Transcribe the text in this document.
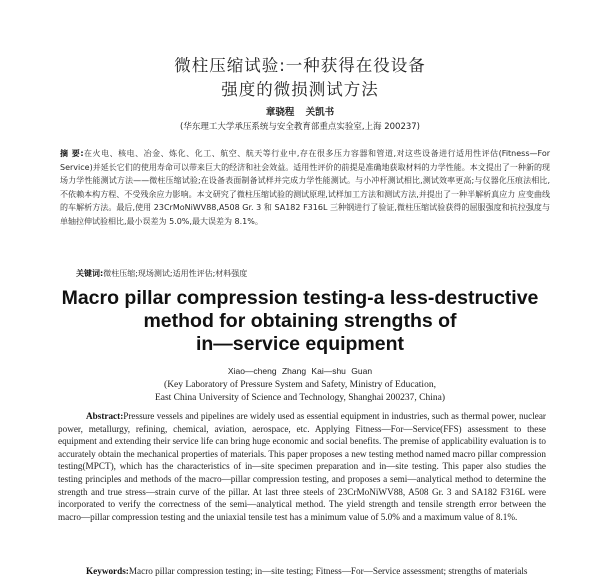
微柱压缩试验:一种获得在役设备
强度的微损测试方法
章骁程 关凯书
(华东理工大学承压系统与安全教育部重点实验室,上海 200237)

摘 要:在火电、核电、冶金、炼化、化工、航空、航天等行业中,存在很多压力容器和管道,对这些设备进行适用性评估(Fitness—For Service)并延长它们的使用寿命可以带来巨大的经济和社会效益。适用性评价的前提是准确地获取材料的力学性能。本文提出了一种新的现场力学性能测试方法——微柱压缩试验;在设备表面制备试样并完成力学性能测试。与小冲杆测试相比,测试效率更高;与仪器化压痕法相比,不依赖本构方程、不受残余应力影响。本文研究了微柱压缩试验的测试原理,试样加工方法和测试方法,并提出了一种半解析真应力 应变曲线的车解析方法。最后,使用 23CrMoNiWV88,A508 Gr. 3 和 SA182 F316L 三种钢进行了验证,微柱压缩试验获得的屈服强度和抗拉强度与单轴拉伸试验相比,最小误差为 5.0%,最大误差为 8.1%。

关键词:微柱压缩;现场测试;适用性评估;材料强度

Macro pillar compression testing-a less-destructive
method for obtaining strengths of
in—service equipment
Xiao—cheng Zhang Kai—shu Guan
(Key Laboratory of Pressure System and Safety, Ministry of Education,
East China University of Science and Technology, Shanghai 200237, China)

Abstract:Pressure vessels and pipelines are widely used as essential equipment in industries, such as thermal power, nuclear power, metallurgy, refining, chemical, aviation, aerospace, etc. Applying Fitness—For—Service(FFS) assessment to these equipment and extending their service life can bring huge economic and social benefits. The premise of applicability evaluation is to accurately obtain the mechanical properties of materials. This paper proposes a new testing method named macro pillar compression testing(MPCT), which has the characteristics of in—site specimen preparation and in—site testing. This paper also studies the testing principles and methods of the macro—pillar compression testing, and proposes a semi—analytical method to determine the strength and true stress—strain curve of the pillar. At last three steels of 23CrMoNiWV88, A508 Gr. 3 and SA182 F316L were incorporated to verify the correctness of the semi—analytical method. The yield strength and tensile strength error between the macro—pillar compression testing and the uniaxial tensile test has a minimum value of 5.0% and a maximum value of 8.1%.

Keywords:Macro pillar compression testing; in—site testing; Fitness—For—Service assessment; strengths of materials
